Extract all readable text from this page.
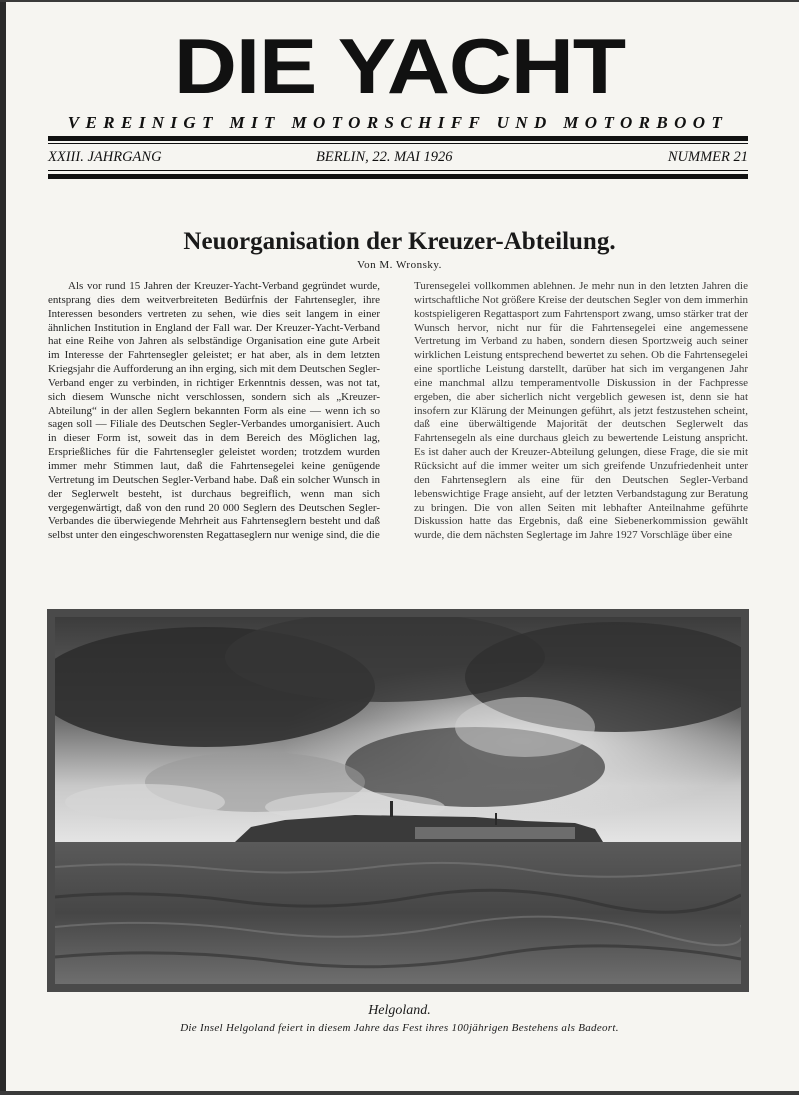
DIE YACHT
VEREINIGT MIT MOTORSCHIFF UND MOTORBOOT
XXIII. JAHRGANG	BERLIN, 22. MAI 1926	NUMMER 21
Neuorganisation der Kreuzer-Abteilung.
Von M. Wronsky.
Als vor rund 15 Jahren der Kreuzer-Yacht-Verband gegründet wurde, entsprang dies dem weitverbreiteten Bedürfnis der Fahrtensegler, ihre Interessen besonders vertreten zu sehen, wie dies seit langem in einer ähnlichen Institution in England der Fall war. Der Kreuzer-Yacht-Verband hat eine Reihe von Jahren als selbständige Organisation eine gute Arbeit im Interesse der Fahrtensegler geleistet; er hat aber, als in dem letzten Kriegsjahr die Aufforderung an ihn erging, sich mit dem Deutschen Segler-Verband enger zu verbinden, in richtiger Erkenntnis dessen, was not tat, sich diesem Wunsche nicht verschlossen, sondern sich als „Kreuzer-Abteilung“ in der allen Seglern bekannten Form als eine — wenn ich so sagen soll — Filiale des Deutschen Segler-Verbandes umorganisiert. Auch in dieser Form ist, soweit das in dem Bereich des Möglichen lag, Ersprießliches für die Fahrtensegler geleistet worden; trotzdem wurden immer mehr Stimmen laut, daß die Fahrtensegelei keine genügende Vertretung im Deutschen Segler-Verband habe. Daß ein solcher Wunsch in der Seglerwelt besteht, ist durchaus begreiflich, wenn man sich vergegenwärtigt, daß von den rund 20 000 Seglern des Deutschen Segler-Verbandes die überwiegende Mehrheit aus Fahrtenseglern besteht und daß selbst unter den eingeschworensten Regattaseglern nur wenige sind, die die
Turensegelei vollkommen ablehnen. Je mehr nun in den letzten Jahren die wirtschaftliche Not größere Kreise der deutschen Segler von dem immerhin kostspieligeren Regattasport zum Fahrtensport zwang, umso stärker trat der Wunsch hervor, nicht nur für die Fahrtensegelei eine angemessene Vertretung im Verband zu haben, sondern diesen Sportzweig auch seiner wirklichen Leistung entsprechend bewertet zu sehen. Ob die Fahrtensegelei eine sportliche Leistung darstellt, darüber hat sich im vergangenen Jahr eine manchmal allzu temperamentvolle Diskussion in der Fachpresse ergeben, die aber sicherlich nicht vergeblich gewesen ist, denn sie hat insofern zur Klärung der Meinungen geführt, als jetzt festzustehen scheint, daß eine überwältigende Majorität der deutschen Seglerwelt das Fahrtensegeln als eine durchaus gleich zu bewertende Leistung anspricht. Es ist daher auch der Kreuzer-Abteilung gelungen, diese Frage, die sie mit Rücksicht auf die immer weiter um sich greifende Unzufriedenheit unter den Fahrtenseglern als eine für den Deutschen Segler-Verband lebenswichtige Frage ansieht, auf der letzten Verbandstagung zur Beratung zu bringen. Die von allen Seiten mit lebhafter Anteilnahme geführte Diskussion hatte das Ergebnis, daß eine Siebenerkommission gewählt wurde, die dem nächsten Seglertage im Jahre 1927 Vorschläge über eine
Helgoland.
Die Insel Helgoland feiert in diesem Jahre das Fest ihres 100jährigen Bestehens als Badeort.
